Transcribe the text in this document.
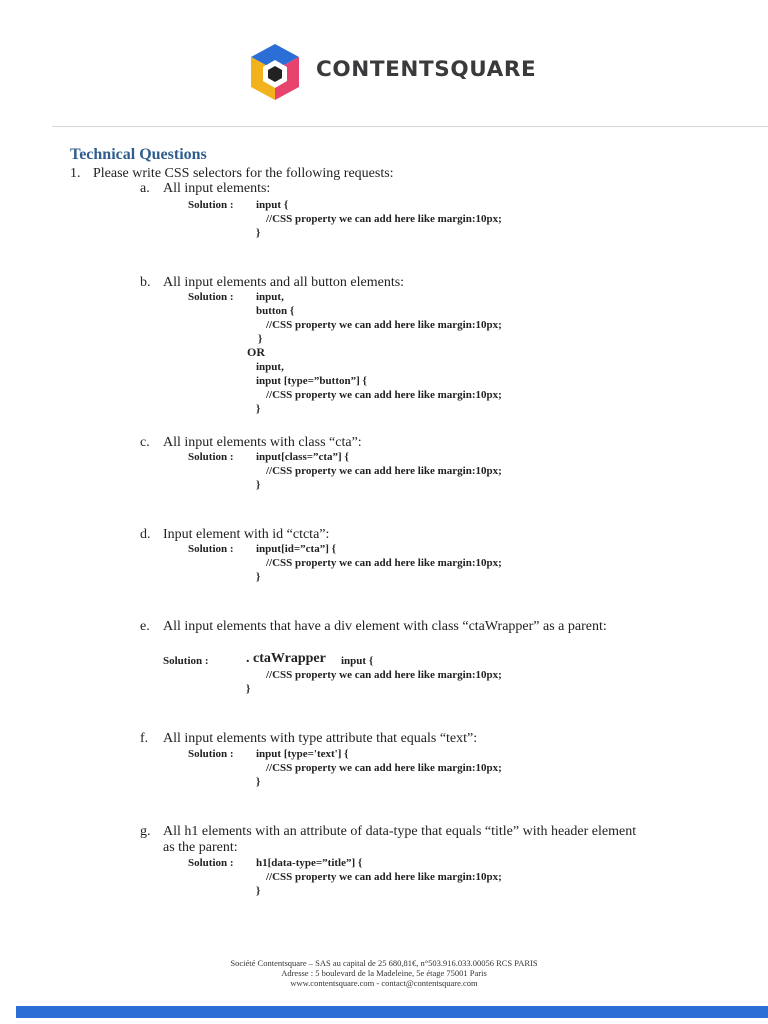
CONTENTSQUARE
Technical Questions
1. Please write CSS selectors for the following requests:
a. All input elements:
Solution : input {
//CSS property we can add here like margin:10px;
}
b. All input elements and all button elements:
Solution : input,
button {
//CSS property we can add here like margin:10px;
}
OR
input,
input [type=”button”] {
//CSS property we can add here like margin:10px;
}
c. All input elements with class “cta”:
Solution : input[class=”cta”] {
//CSS property we can add here like margin:10px;
}
d. Input element with id “ctcta”:
Solution : input[id=”cta”] {
//CSS property we can add here like margin:10px;
}
e. All input elements that have a div element with class “ctaWrapper” as a parent:
Solution :	. ctaWrapper input {
//CSS property we can add here like margin:10px;
}
f. All input elements with type attribute that equals “text”:
Solution : input [type='text'] {
//CSS property we can add here like margin:10px;
}
g. All h1 elements with an attribute of data-type that equals “title” with header element
as the parent:
Solution : h1[data-type=”title”] {
//CSS property we can add here like margin:10px;
}
Société Contentsquare – SAS au capital de 25 680,81€, n°503.916.033.00056 RCS PARIS
Adresse : 5 boulevard de la Madeleine, 5e étage 75001 Paris
www.contentsquare.com - contact@contentsquare.com
